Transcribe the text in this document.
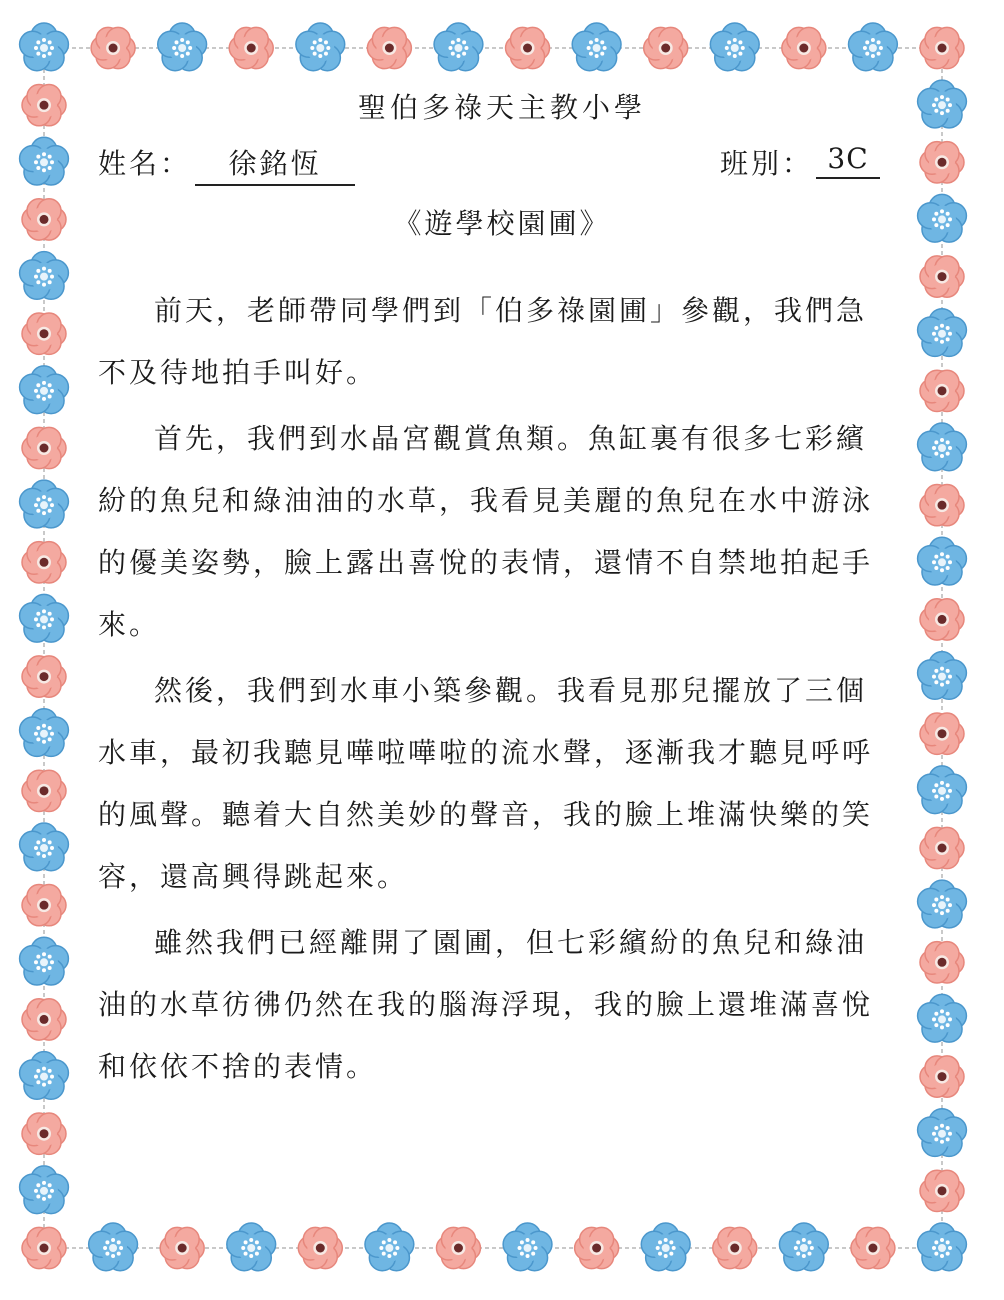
聖伯多祿天主教小學
姓名：	徐銘恆	班別： 3C
《遊學校園圃》

前天，老師帶同學們到「伯多祿園圃」參觀，我們急不及待地拍手叫好。

首先，我們到水晶宮觀賞魚類。魚缸裏有很多七彩繽紛的魚兒和綠油油的水草，我看見美麗的魚兒在水中游泳的優美姿勢，臉上露出喜悅的表情，還情不自禁地拍起手來。

然後，我們到水車小築參觀。我看見那兒擺放了三個水車，最初我聽見嘩啦嘩啦的流水聲，逐漸我才聽見呼呼的風聲。聽着大自然美妙的聲音，我的臉上堆滿快樂的笑容，還高興得跳起來。

雖然我們已經離開了園圃，但七彩繽紛的魚兒和綠油油的水草彷彿仍然在我的腦海浮現，我的臉上還堆滿喜悅和依依不捨的表情。
